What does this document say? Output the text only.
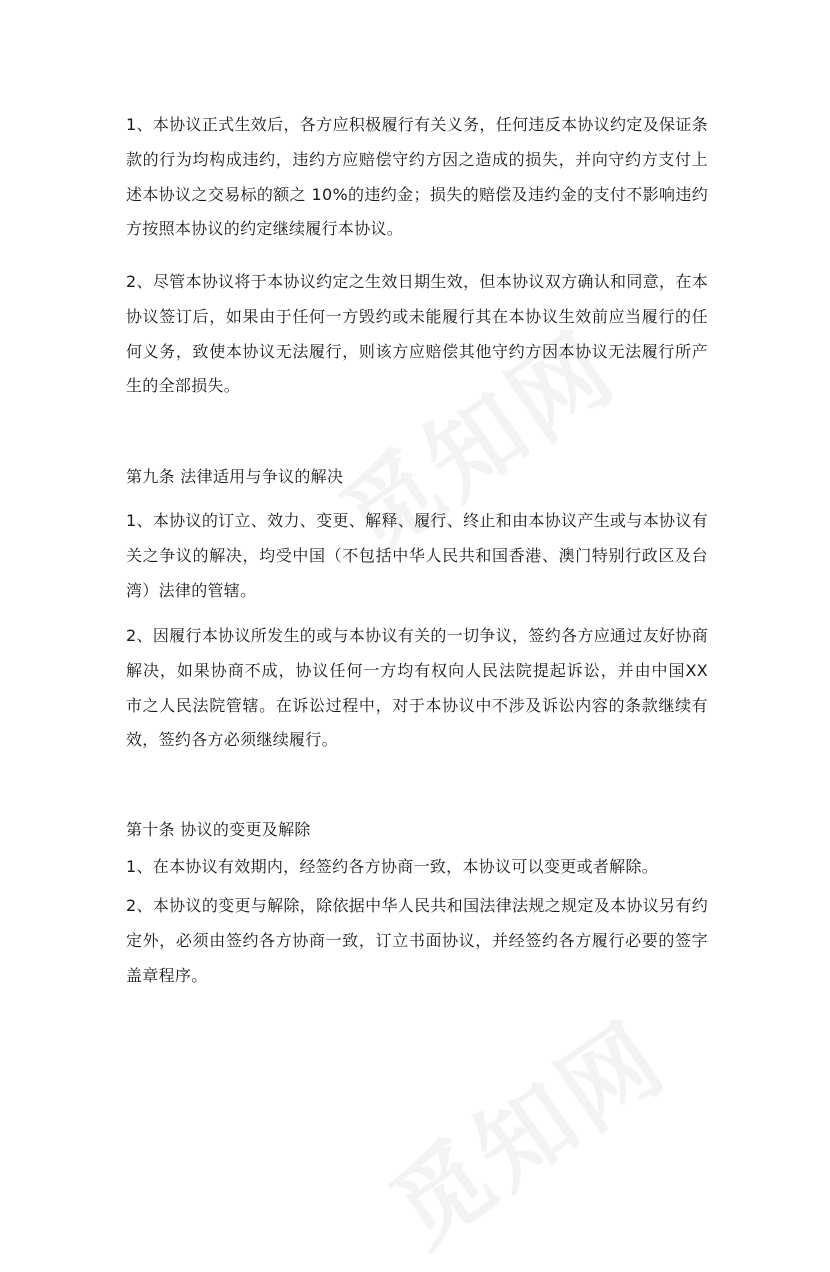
1、本协议正式生效后，各方应积极履行有关义务，任何违反本协议约定及保证条款的行为均构成违约，违约方应赔偿守约方因之造成的损失，并向守约方支付上述本协议之交易标的额之 10%的违约金；损失的赔偿及违约金的支付不影响违约方按照本协议的约定继续履行本协议。

2、尽管本协议将于本协议约定之生效日期生效，但本协议双方确认和同意，在本协议签订后，如果由于任何一方毁约或未能履行其在本协议生效前应当履行的任何义务，致使本协议无法履行，则该方应赔偿其他守约方因本协议无法履行所产生的全部损失。

第九条 法律适用与争议的解决

1、本协议的订立、效力、变更、解释、履行、终止和由本协议产生或与本协议有关之争议的解决，均受中国（不包括中华人民共和国香港、澳门特别行政区及台湾）法律的管辖。

2、因履行本协议所发生的或与本协议有关的一切争议，签约各方应通过友好协商解决，如果协商不成，协议任何一方均有权向人民法院提起诉讼，并由中国XX 市之人民法院管辖。在诉讼过程中，对于本协议中不涉及诉讼内容的条款继续有效，签约各方必须继续履行。

第十条 协议的变更及解除

1、在本协议有效期内，经签约各方协商一致，本协议可以变更或者解除。

2、本协议的变更与解除，除依据中华人民共和国法律法规之规定及本协议另有约定外，必须由签约各方协商一致，订立书面协议，并经签约各方履行必要的签字盖章程序。
